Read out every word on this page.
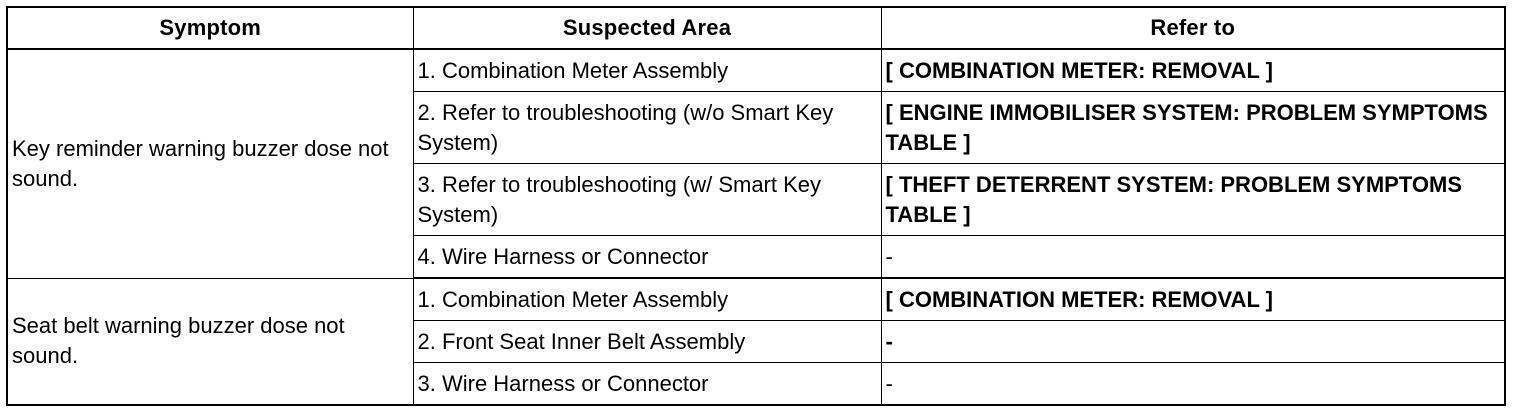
Symptom	Suspected Area	Refer to
Key reminder warning buzzer dose not sound.	1. Combination Meter Assembly	[ COMBINATION METER: REMOVAL ]
	2. Refer to troubleshooting (w/o Smart Key System)	[ ENGINE IMMOBILISER SYSTEM: PROBLEM SYMPTOMS TABLE ]
	3. Refer to troubleshooting (w/ Smart Key System)	[ THEFT DETERRENT SYSTEM: PROBLEM SYMPTOMS TABLE ]
	4. Wire Harness or Connector	-
Seat belt warning buzzer dose not sound.	1. Combination Meter Assembly	[ COMBINATION METER: REMOVAL ]
	2. Front Seat Inner Belt Assembly	-
	3. Wire Harness or Connector	-
